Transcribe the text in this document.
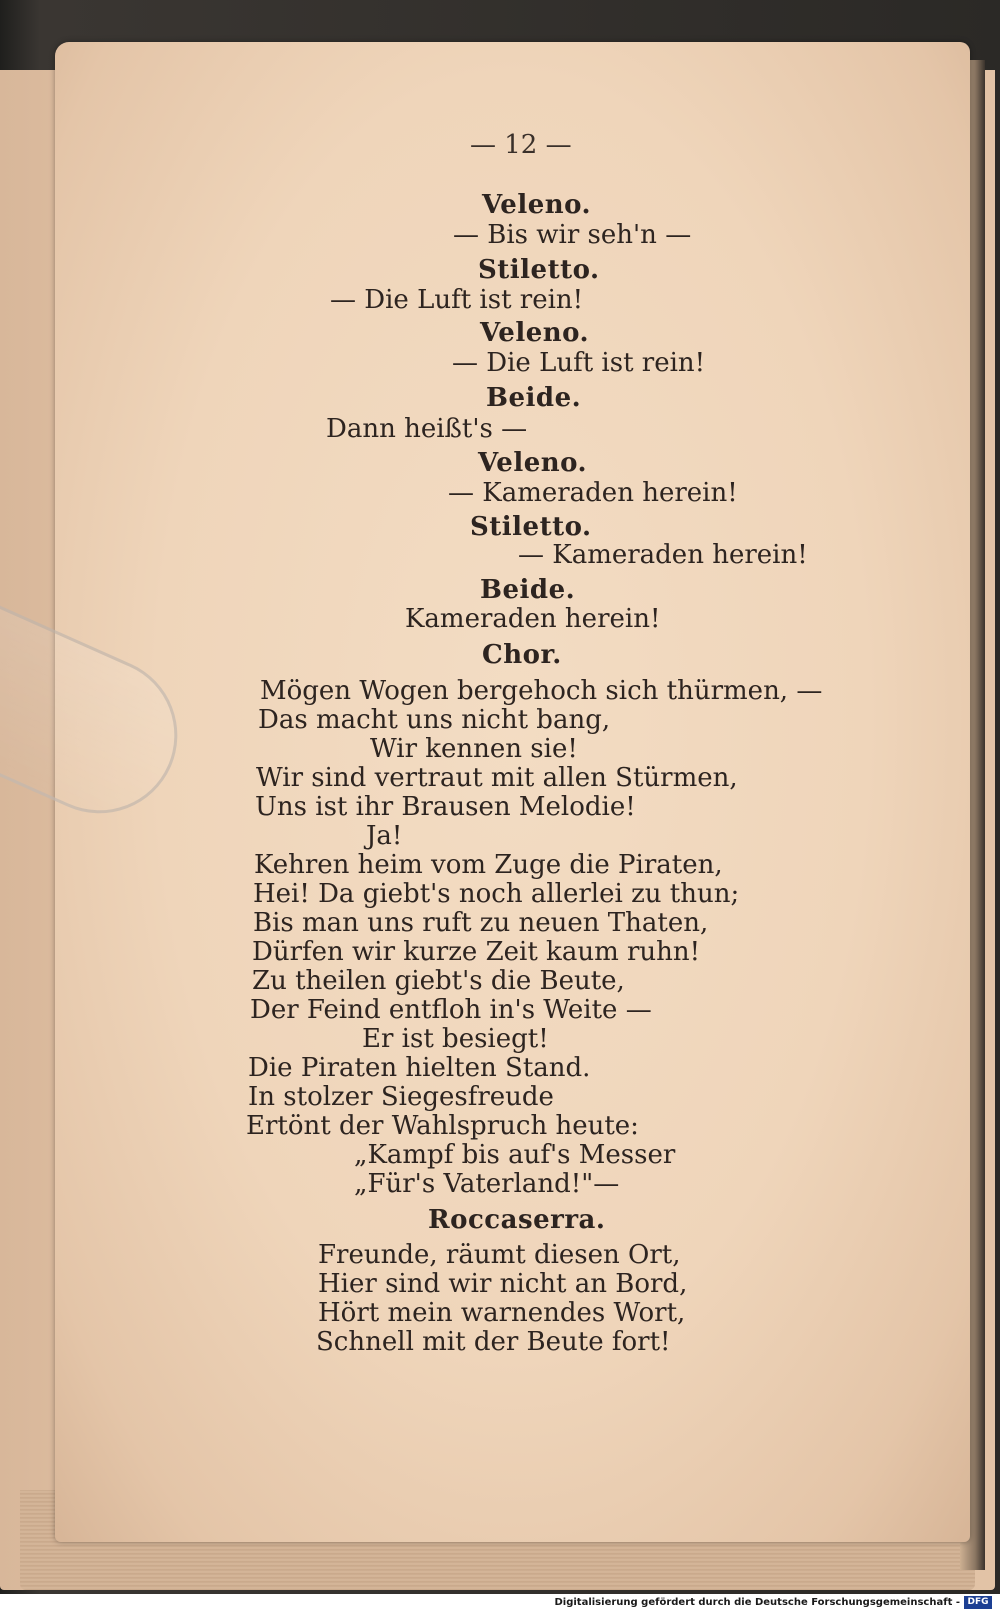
— 12 —
Veleno.
— Bis wir seh'n —
Stiletto.
— Die Luft ist rein!
Veleno.
— Die Luft ist rein!
Beide.
Dann heißt's —
Veleno.
— Kameraden herein!
Stiletto.
— Kameraden herein!
Beide.
Kameraden herein!
Chor.
Mögen Wogen bergehoch sich thürmen, —
Das macht uns nicht bang,
Wir kennen sie!
Wir sind vertraut mit allen Stürmen,
Uns ist ihr Brausen Melodie!
Ja!
Kehren heim vom Zuge die Piraten,
Hei! Da giebt's noch allerlei zu thun;
Bis man uns ruft zu neuen Thaten,
Dürfen wir kurze Zeit kaum ruhn!
Zu theilen giebt's die Beute,
Der Feind entfloh in's Weite —
Er ist besiegt!
Die Piraten hielten Stand.
In stolzer Siegesfreude
Ertönt der Wahlspruch heute:
„Kampf bis auf's Messer
„Für's Vaterland!"—
Roccaserra.
Freunde, räumt diesen Ort,
Hier sind wir nicht an Bord,
Hört mein warnendes Wort,
Schnell mit der Beute fort!
Digitalisierung gefördert durch die Deutsche Forschungsgemeinschaft - DFG
